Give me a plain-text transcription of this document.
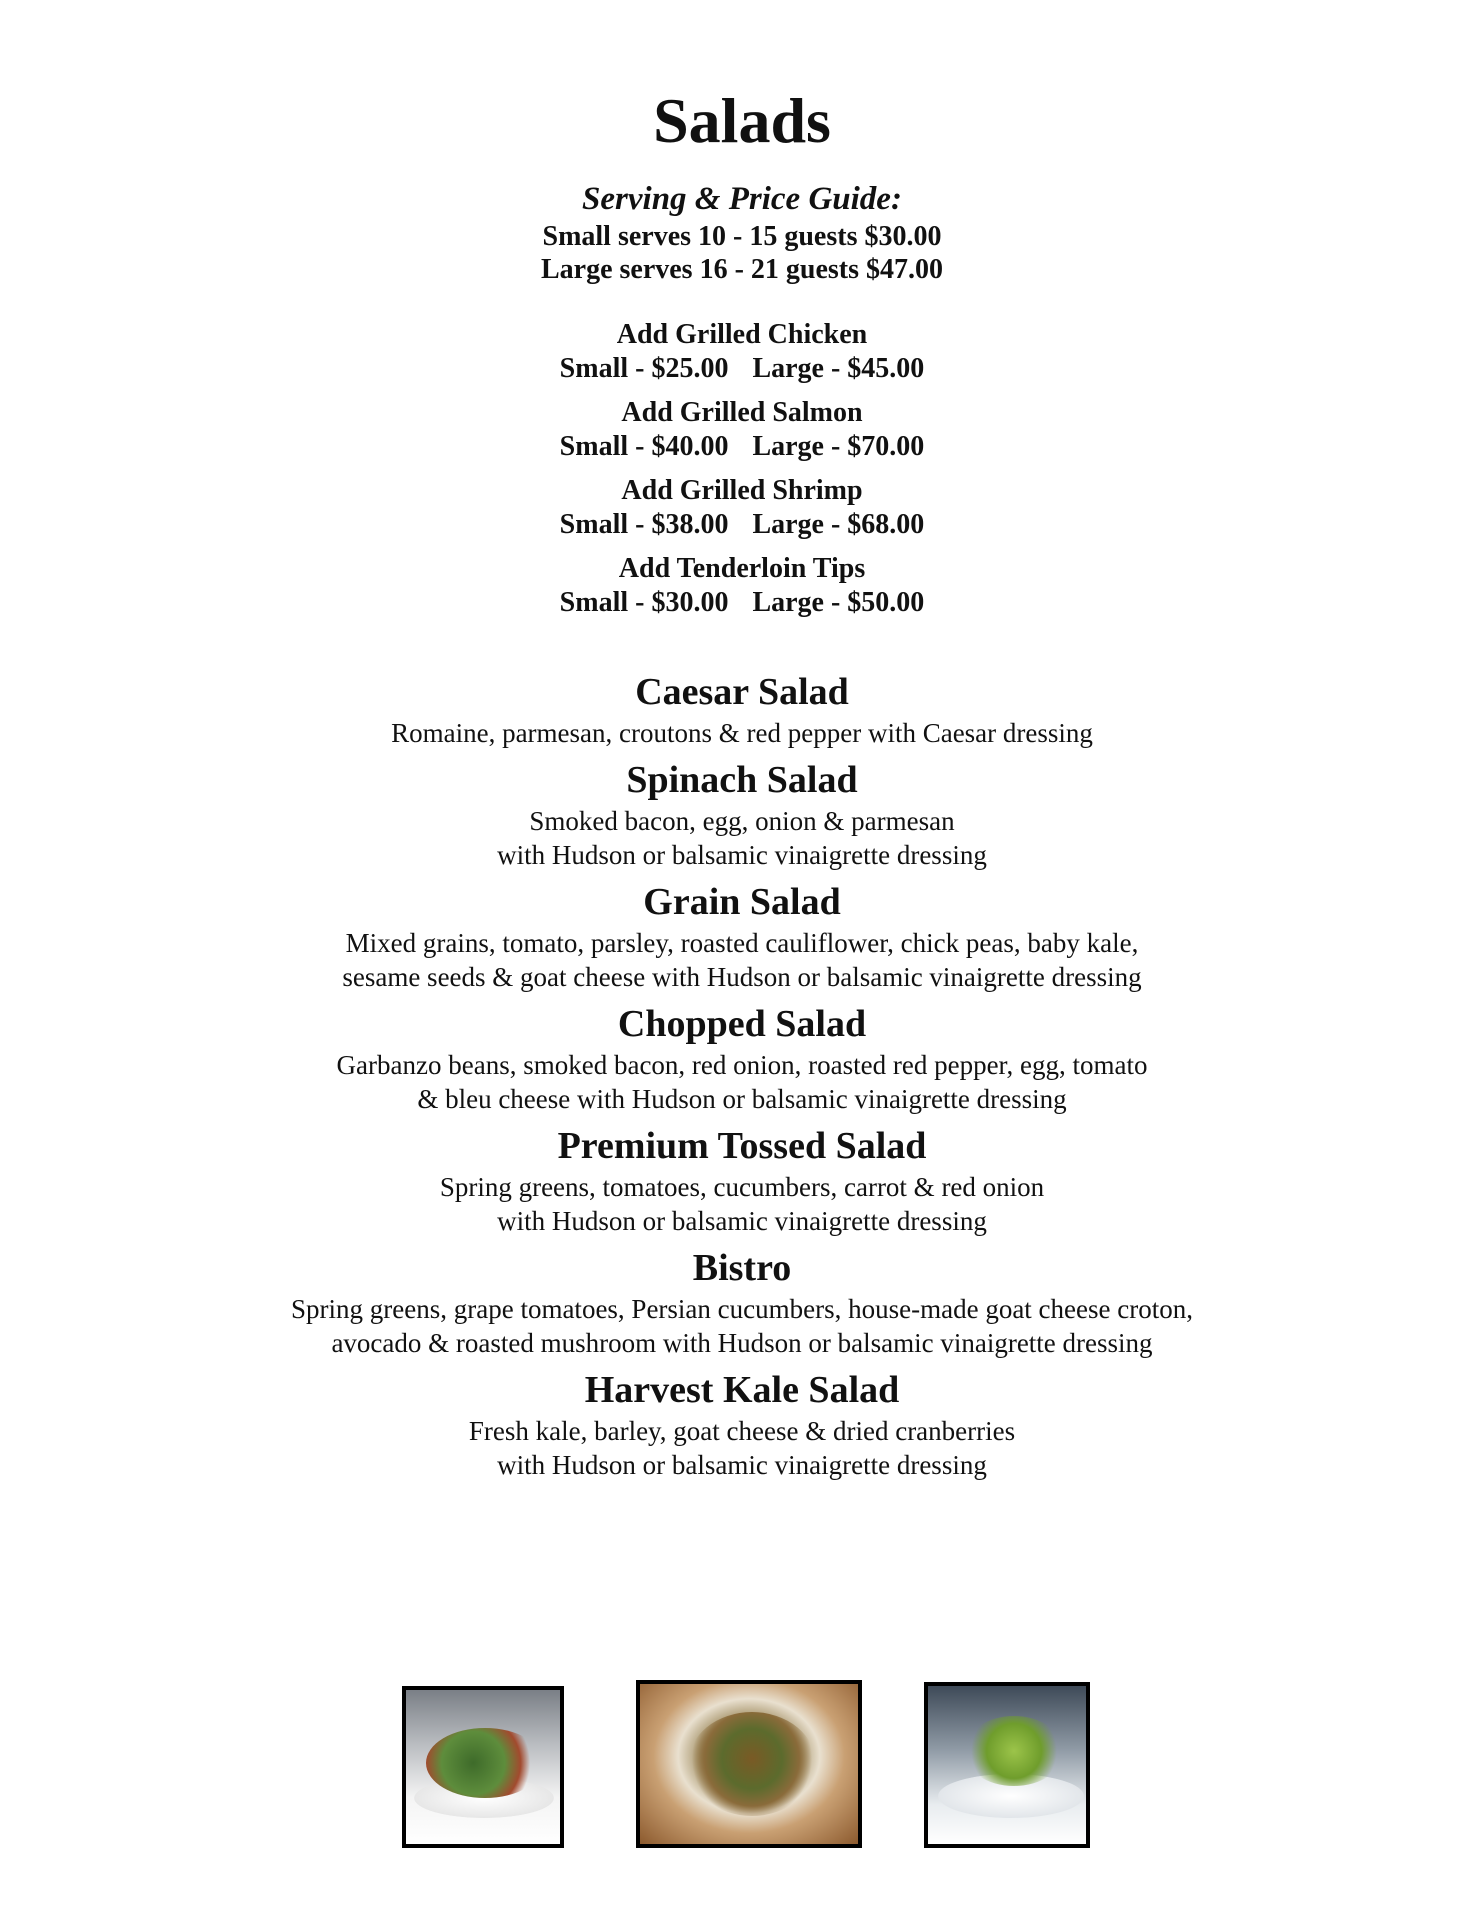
Salads
Serving & Price Guide:
Small serves 10 - 15 guests $30.00
Large serves 16 - 21 guests $47.00
Add Grilled Chicken
Small - $25.00 Large - $45.00
Add Grilled Salmon
Small - $40.00 Large - $70.00
Add Grilled Shrimp
Small - $38.00 Large - $68.00
Add Tenderloin Tips
Small - $30.00 Large - $50.00
Caesar Salad
Romaine, parmesan, croutons & red pepper with Caesar dressing
Spinach Salad
Smoked bacon, egg, onion & parmesan
with Hudson or balsamic vinaigrette dressing
Grain Salad
Mixed grains, tomato, parsley, roasted cauliflower, chick peas, baby kale,
sesame seeds & goat cheese with Hudson or balsamic vinaigrette dressing
Chopped Salad
Garbanzo beans, smoked bacon, red onion, roasted red pepper, egg, tomato
& bleu cheese with Hudson or balsamic vinaigrette dressing
Premium Tossed Salad
Spring greens, tomatoes, cucumbers, carrot & red onion
with Hudson or balsamic vinaigrette dressing
Bistro
Spring greens, grape tomatoes, Persian cucumbers, house-made goat cheese croton,
avocado & roasted mushroom with Hudson or balsamic vinaigrette dressing
Harvest Kale Salad
Fresh kale, barley, goat cheese & dried cranberries
with Hudson or balsamic vinaigrette dressing
